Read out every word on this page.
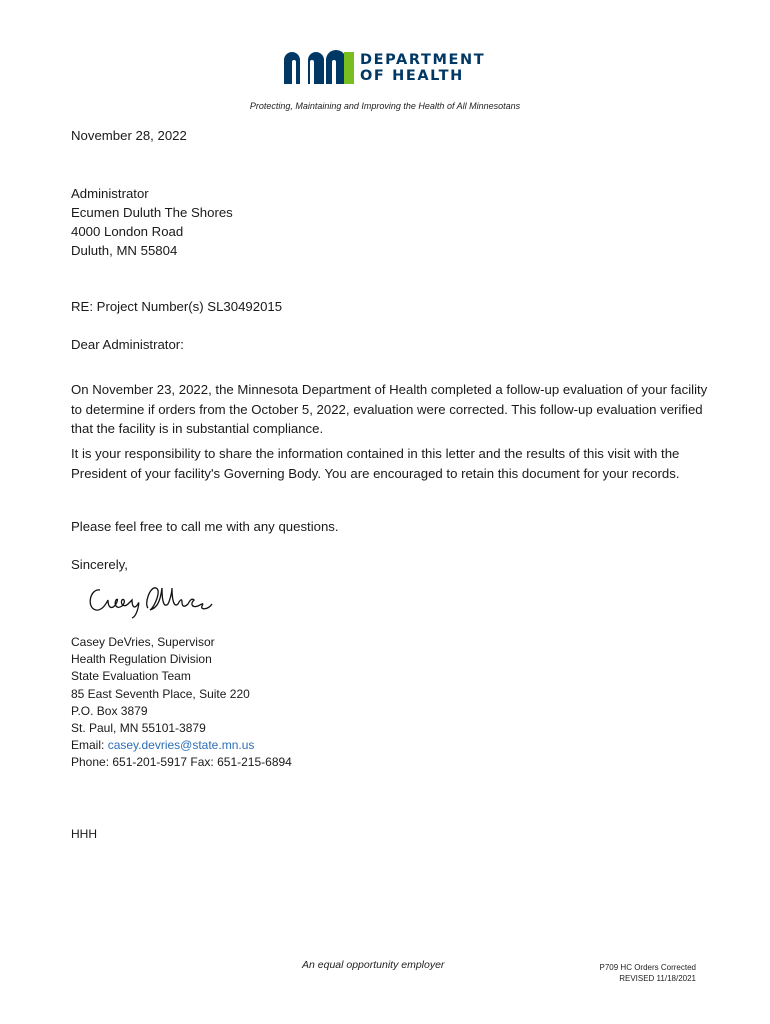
DEPARTMENT
OF HEALTH
Protecting, Maintaining and Improving the Health of All Minnesotans
November 28, 2022
Administrator
Ecumen Duluth The Shores
4000 London Road
Duluth, MN 55804
RE: Project Number(s) SL30492015
Dear Administrator:
On November 23, 2022, the Minnesota Department of Health completed a follow-up evaluation of your facility to determine if orders from the October 5, 2022, evaluation were corrected. This follow-up evaluation verified that the facility is in substantial compliance.
It is your responsibility to share the information contained in this letter and the results of this visit with the President of your facility's Governing Body. You are encouraged to retain this document for your records.
Please feel free to call me with any questions.
Sincerely,
Casey DeVries, Supervisor
Health Regulation Division
State Evaluation Team
85 East Seventh Place, Suite 220
P.O. Box 3879
St. Paul, MN 55101-3879
Email: casey.devries@state.mn.us
Phone: 651-201-5917 Fax: 651-215-6894
HHH
An equal opportunity employer	P709 HC Orders Corrected
REVISED 11/18/2021
